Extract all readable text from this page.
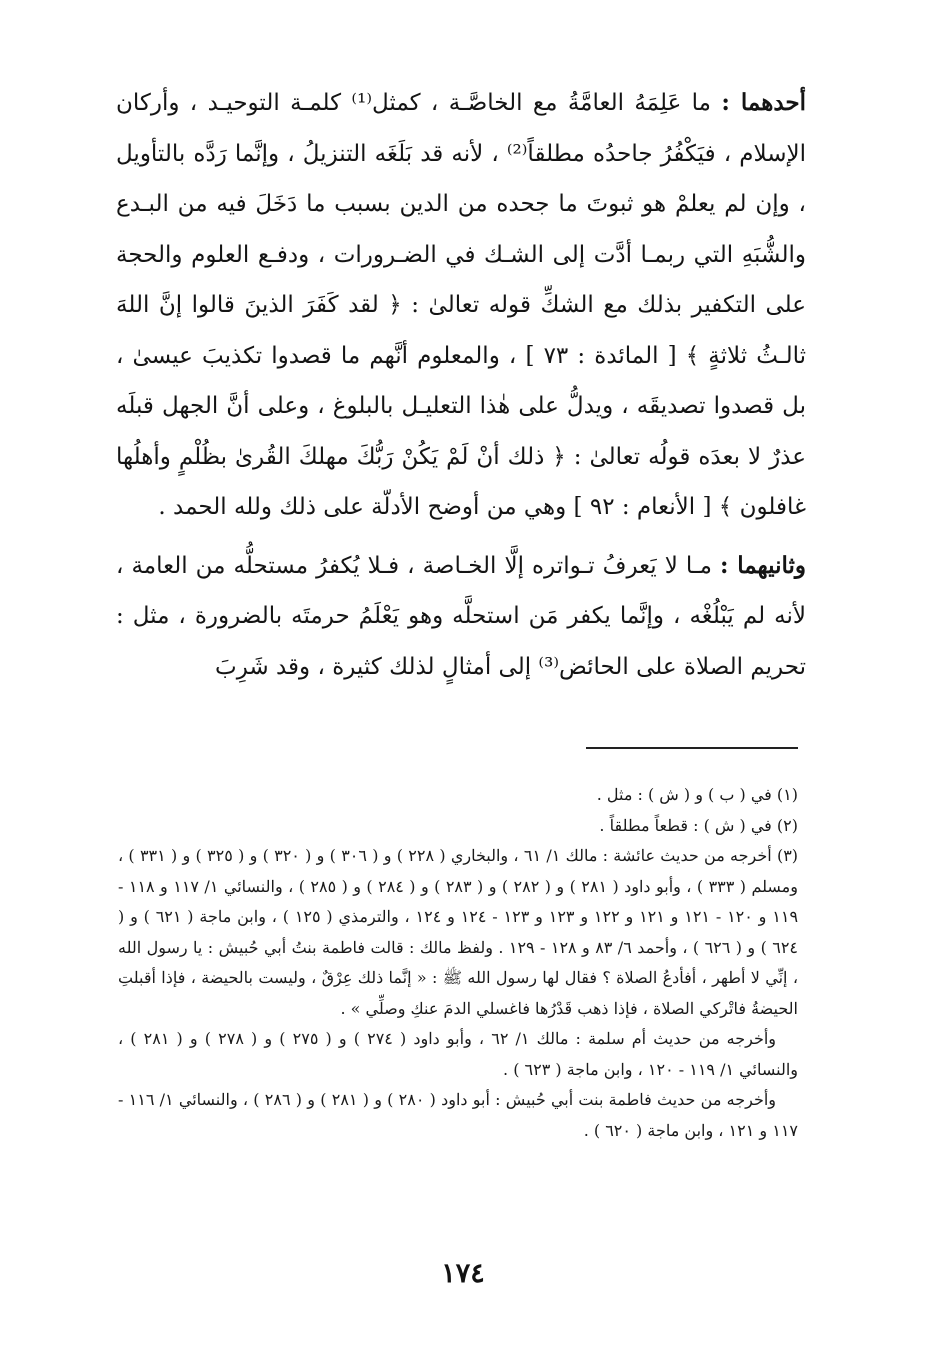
أحدهما : ما عَلِمَهُ العامَّةُ مع الخاصَّـة ، كمثل⁽¹⁾ كلمـة التوحيـد ، وأركان الإسلام ، فيَكْفُرُ جاحدُه مطلقاً⁽²⁾ ، لأنه قد بَلَغَه التنزيلُ ، وإنَّما رَدَّه بالتأويل ، وإن لم يعلمْ هو ثبوتَ ما جحده من الدين بسبب ما دَخَلَ فيه من البـدع والشُّبَهِ التي ربمـا أدَّت إلى الشـك في الضـرورات ، ودفـع العلوم والحجة على التكفير بذلك مع الشكِّ قوله تعالىٰ : ﴿ لقد كَفَرَ الذينَ قالوا إنَّ اللهَ ثالـثُ ثلاثةٍ ﴾ [ المائدة : ٧٣ ] ، والمعلوم أنَّهم ما قصدوا تكذيبَ عيسىٰ ، بل قصدوا تصديقَه ، ويدلُّ على هٰذا التعليـل بالبلوغ ، وعلى أنَّ الجهل قبلَه عذرٌ لا بعدَه قولُه تعالىٰ : ﴿ ذلك أنْ لَمْ يَكُنْ رَبُّكَ مهلكَ القُرىٰ بظُلْمٍ وأهلُها غافلون ﴾ [ الأنعام : ٩٢ ] وهي من أوضح الأدلّة على ذلك ولله الحمد .

وثانيهما : مـا لا يَعرفُ تـواتره إلَّا الخـاصة ، فـلا يُكفرُ مستحلُّه من العامة ، لأنه لم يَبْلُغْه ، وإنَّما يكفر مَن استحلَّه وهو يَعْلَمُ حرمتَه بالضرورة ، مثل : تحريم الصلاة على الحائض⁽³⁾ إلى أمثالٍ لذلك كثيرة ، وقد شَرِبَ

(١) في ( ب ) و ( ش ) : مثل .

(٢) في ( ش ) : قطعاً مطلقاً .

(٣) أخرجه من حديث عائشة : مالك ١/ ٦١ ، والبخاري ( ٢٢٨ ) و ( ٣٠٦ ) و ( ٣٢٠ ) و ( ٣٢٥ ) و ( ٣٣١ ) ، ومسلم ( ٣٣٣ ) ، وأبو داود ( ٢٨١ ) و ( ٢٨٢ ) و ( ٢٨٣ ) و ( ٢٨٤ ) و ( ٢٨٥ ) ، والنسائي ١/ ١١٧ و ١١٨ - ١١٩ و ١٢٠ - ١٢١ و ١٢١ و ١٢٢ و ١٢٣ و ١٢٣ - ١٢٤ و ١٢٤ ، والترمذي ( ١٢٥ ) ، وابن ماجة ( ٦٢١ ) و ( ٦٢٤ ) و ( ٦٢٦ ) ، وأحمد ٦/ ٨٣ و ١٢٨ - ١٢٩ . ولفظ مالك : قالت فاطمة بنتُ أبي حُبيش : يا رسول الله ، إنِّي لا أطهر ، أفأدعُ الصلاة ؟ فقال لها رسول الله ﷺ : « إنَّما ذلك عِرْقٌ ، وليست بالحيضة ، فإذا أقبلتِ الحيضةُ فاتْركي الصلاة ، فإذا ذهب قَدْرُها فاغسلي الدمَ عنكِ وصلِّي » .

وأخرجه من حديث أم سلمة : مالك ١/ ٦٢ ، وأبو داود ( ٢٧٤ ) و ( ٢٧٥ ) و ( ٢٧٨ ) و ( ٢٨١ ) ، والنسائي ١/ ١١٩ - ١٢٠ ، وابن ماجة ( ٦٢٣ ) .

وأخرجه من حديث فاطمة بنت أبي حُبيش : أبو داود ( ٢٨٠ ) و ( ٢٨١ ) و ( ٢٨٦ ) ، والنسائي ١/ ١١٦ - ١١٧ و ١٢١ ، وابن ماجة ( ٦٢٠ ) .

١٧٤
